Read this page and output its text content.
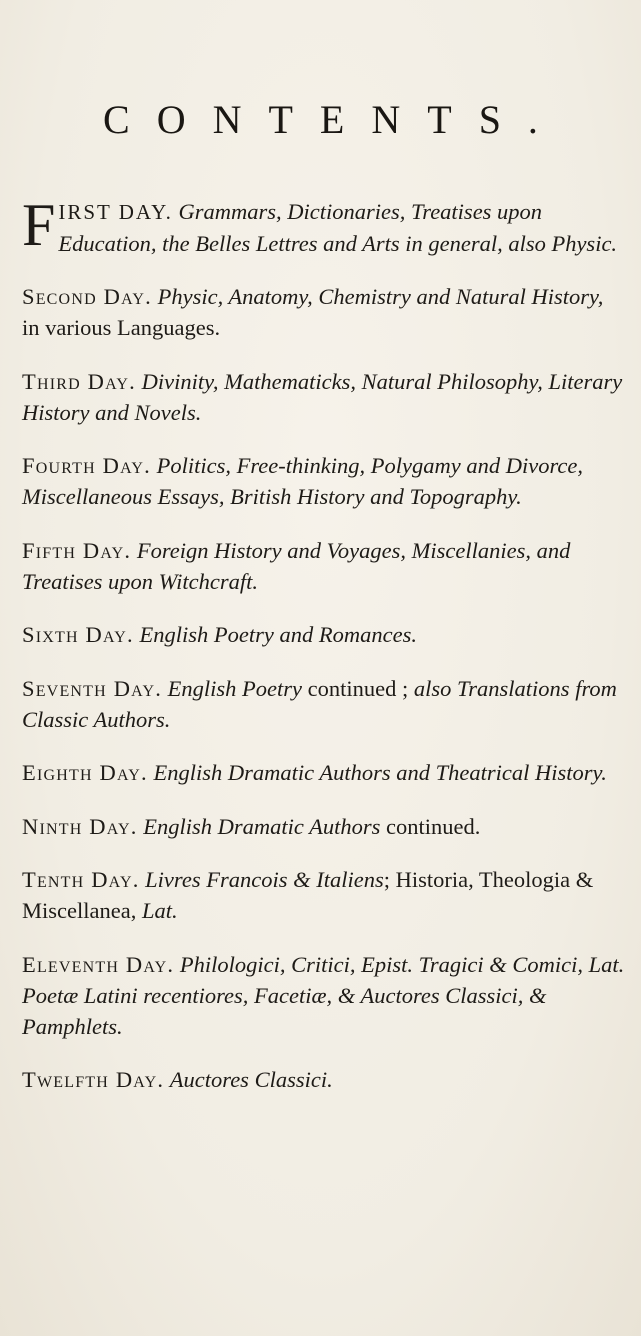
CONTENTS.

FIRST DAY. Grammars, Dictionaries, Treatises upon Education, the Belles Lettres and Arts in general, also Physic.

Second Day. Physic, Anatomy, Chemistry and Natural History, in various Languages.

Third Day. Divinity, Mathematicks, Natural Philosophy, Literary History and Novels.

Fourth Day. Politics, Free-thinking, Polygamy and Divorce, Miscellaneous Essays, British History and Topography.

Fifth Day. Foreign History and Voyages, Miscellanies, and Treatises upon Witchcraft.

Sixth Day. English Poetry and Romances.

Seventh Day. English Poetry continued ; also Translations from Classic Authors.

Eighth Day. English Dramatic Authors and Theatrical History.

Ninth Day. English Dramatic Authors continued.

Tenth Day. Livres Francois & Italiens; Historia, Theologia & Miscellanea, Lat.

Eleventh Day. Philologici, Critici, Epist. Tragici & Comici, Lat. Poetæ Latini recentiores, Facetiæ, & Auctores Classici, & Pamphlets.

Twelfth Day. Auctores Classici.
